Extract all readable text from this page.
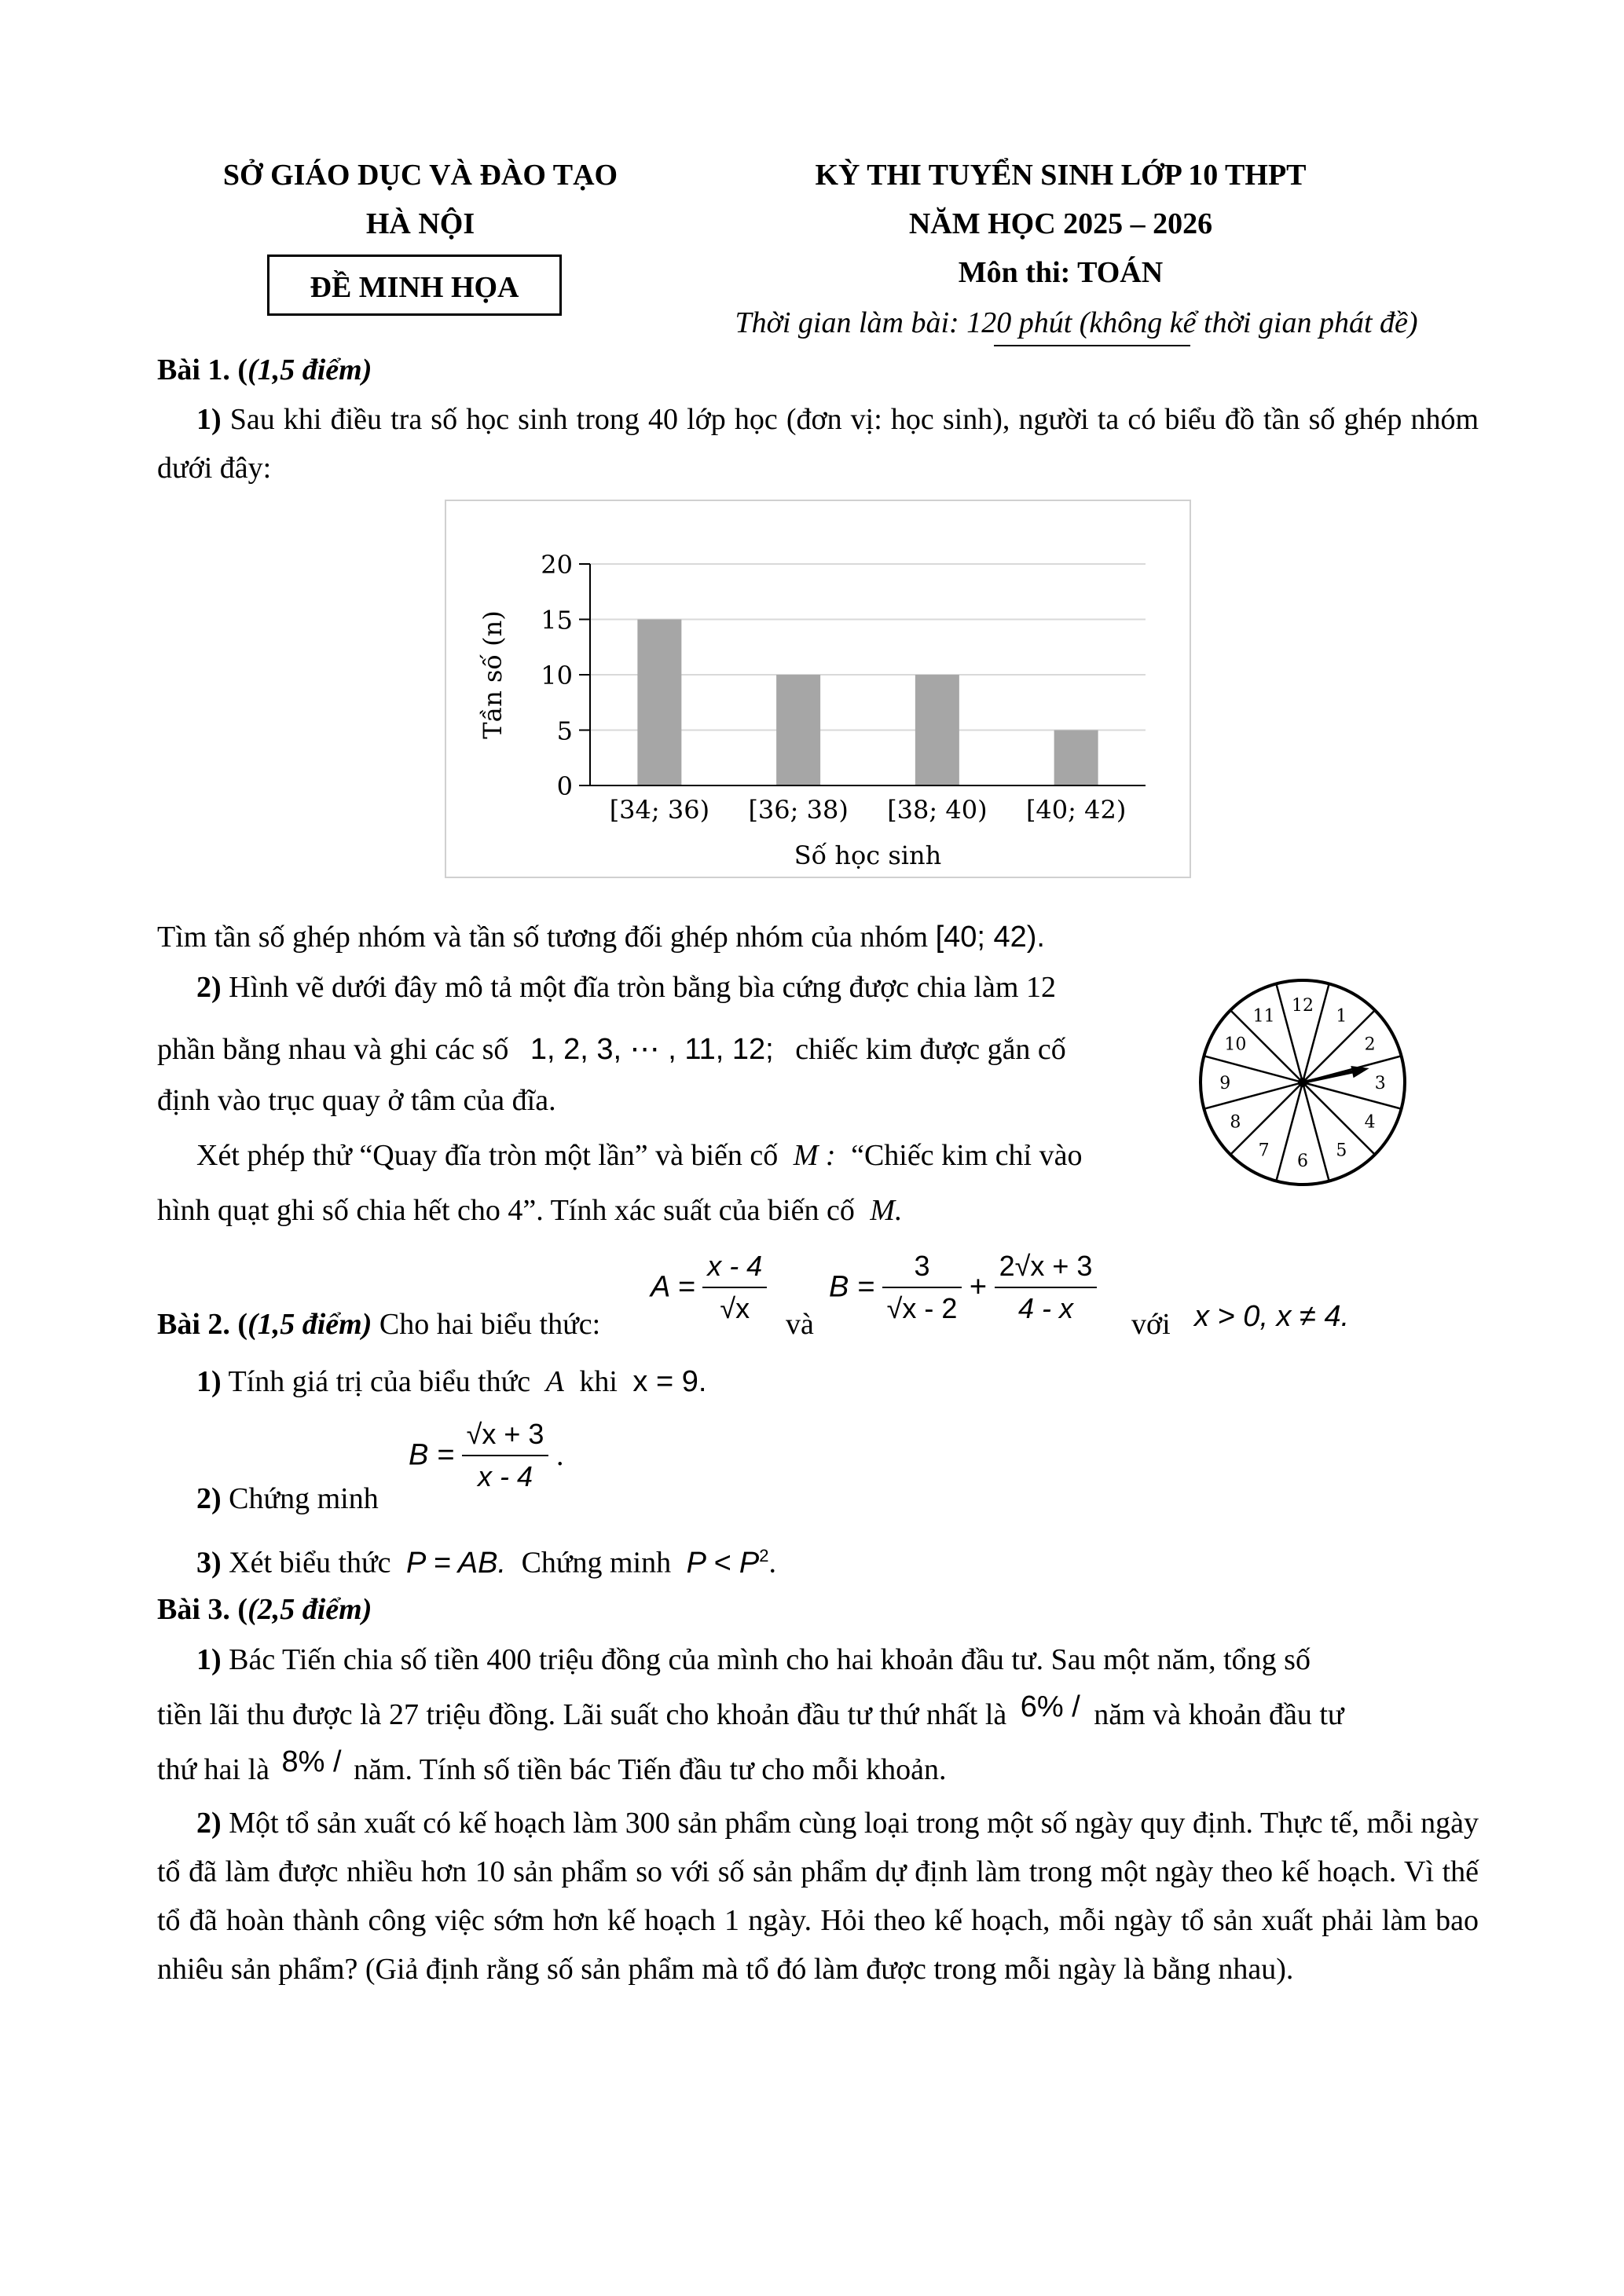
SỞ GIÁO DỤC VÀ ĐÀO TẠO
HÀ NỘI
ĐỀ MINH HỌA
KỲ THI TUYỂN SINH LỚP 10 THPT
NĂM HỌC 2025 – 2026
Môn thi: TOÁN
Thời gian làm bài: 120 phút (không kể thời gian phát đề)
Bài 1. ((1,5 điểm)
1) Sau khi điều tra số học sinh trong 40 lớp học (đơn vị: học sinh), người ta có biểu đồ tần số ghép nhóm dưới đây:
0
5
10
15
20
[34; 36) [36; 38) [38; 40) [40; 42)
Số học sinh
Tần số (n)
Tìm tần số ghép nhóm và tần số tương đối ghép nhóm của nhóm [40; 42).
2) Hình vẽ dưới đây mô tả một đĩa tròn bằng bìa cứng được chia làm 12
phần bằng nhau và ghi các số 1, 2, 3, ⋯ , 11, 12; chiếc kim được gắn cố
định vào trục quay ở tâm của đĩa.
Xét phép thử “Quay đĩa tròn một lần” và biến cố M : “Chiếc kim chỉ vào
hình quạt ghi số chia hết cho 4”. Tính xác suất của biến cố M.
12
1
2
3
4
5
6
7
8
9
10
11
Bài 2. ((1,5 điểm) Cho hai biểu thức:
$A = \frac{x - 4}{√x}$ và
$B = \frac{3}{√x - 2} + \frac{2√x + 3}{4 - x}$ với x > 0, x ≠ 4.
1) Tính giá trị của biểu thức A khi x = 9.
2) Chứng minh
$B = \frac{√x + 3}{x - 4}$ .
3) Xét biểu thức P = AB. Chứng minh $P < P^2$.
Bài 3. ((2,5 điểm)
1) Bác Tiến chia số tiền 400 triệu đồng của mình cho hai khoản đầu tư. Sau một năm, tổng số
tiền lãi thu được là 27 triệu đồng. Lãi suất cho khoản đầu tư thứ nhất là 6% / năm và khoản đầu tư
thứ hai là 8% / năm. Tính số tiền bác Tiến đầu tư cho mỗi khoản.
2) Một tổ sản xuất có kế hoạch làm 300 sản phẩm cùng loại trong một số ngày quy định. Thực tế, mỗi ngày tổ đã làm được nhiều hơn 10 sản phẩm so với số sản phẩm dự định làm trong một ngày theo kế hoạch. Vì thế tổ đã hoàn thành công việc sớm hơn kế hoạch 1 ngày. Hỏi theo kế hoạch, mỗi ngày tổ sản xuất phải làm bao nhiêu sản phẩm? (Giả định rằng số sản phẩm mà tổ đó làm được trong mỗi ngày là bằng nhau).
